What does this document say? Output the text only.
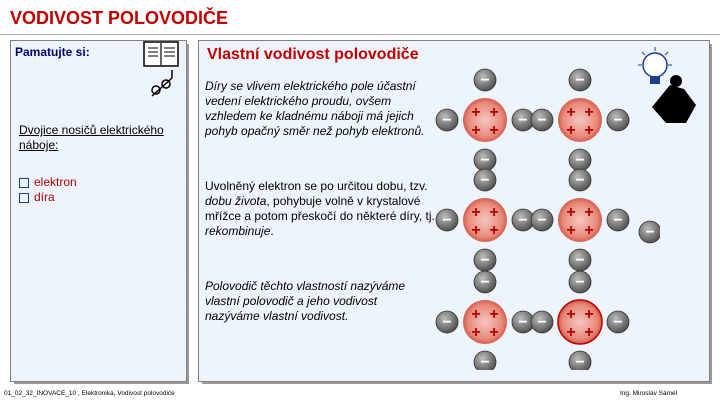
VODIVOST POLOVODIČE
Pamatujte si:
Dvojice nosičů elektrického náboje:
elektron
díra
Vlastní vodivost polovodiče
Díry se vlivem elektrického pole účastní vedení elektrického proudu, ovšem vzhledem ke kladnému náboji má jejich pohyb opačný směr než pohyb elektronů.
Uvolněný elektron se po určitou dobu, tzv. dobu života, pohybuje volně v krystalové mřížce a potom přeskočí do některé díry, tj. rekombinuje.
Polovodič těchto vlastností nazýváme vlastní polovodič a jeho vodivost nazýváme vlastní vodivost.
−
−
−	−
+ +
+ +
−
−
−	−
+ +
+ +
−
−
−	−
+ +
+ +
−
−
−	−
+ +
+ +
−
−
−	−
+ +
+ +
−
−
−	−
+ +
+ +
−
01_02_32_INOVACE_10 , Elektronika, Vodivost polovodiče	Ing. Miroslav Sámel
